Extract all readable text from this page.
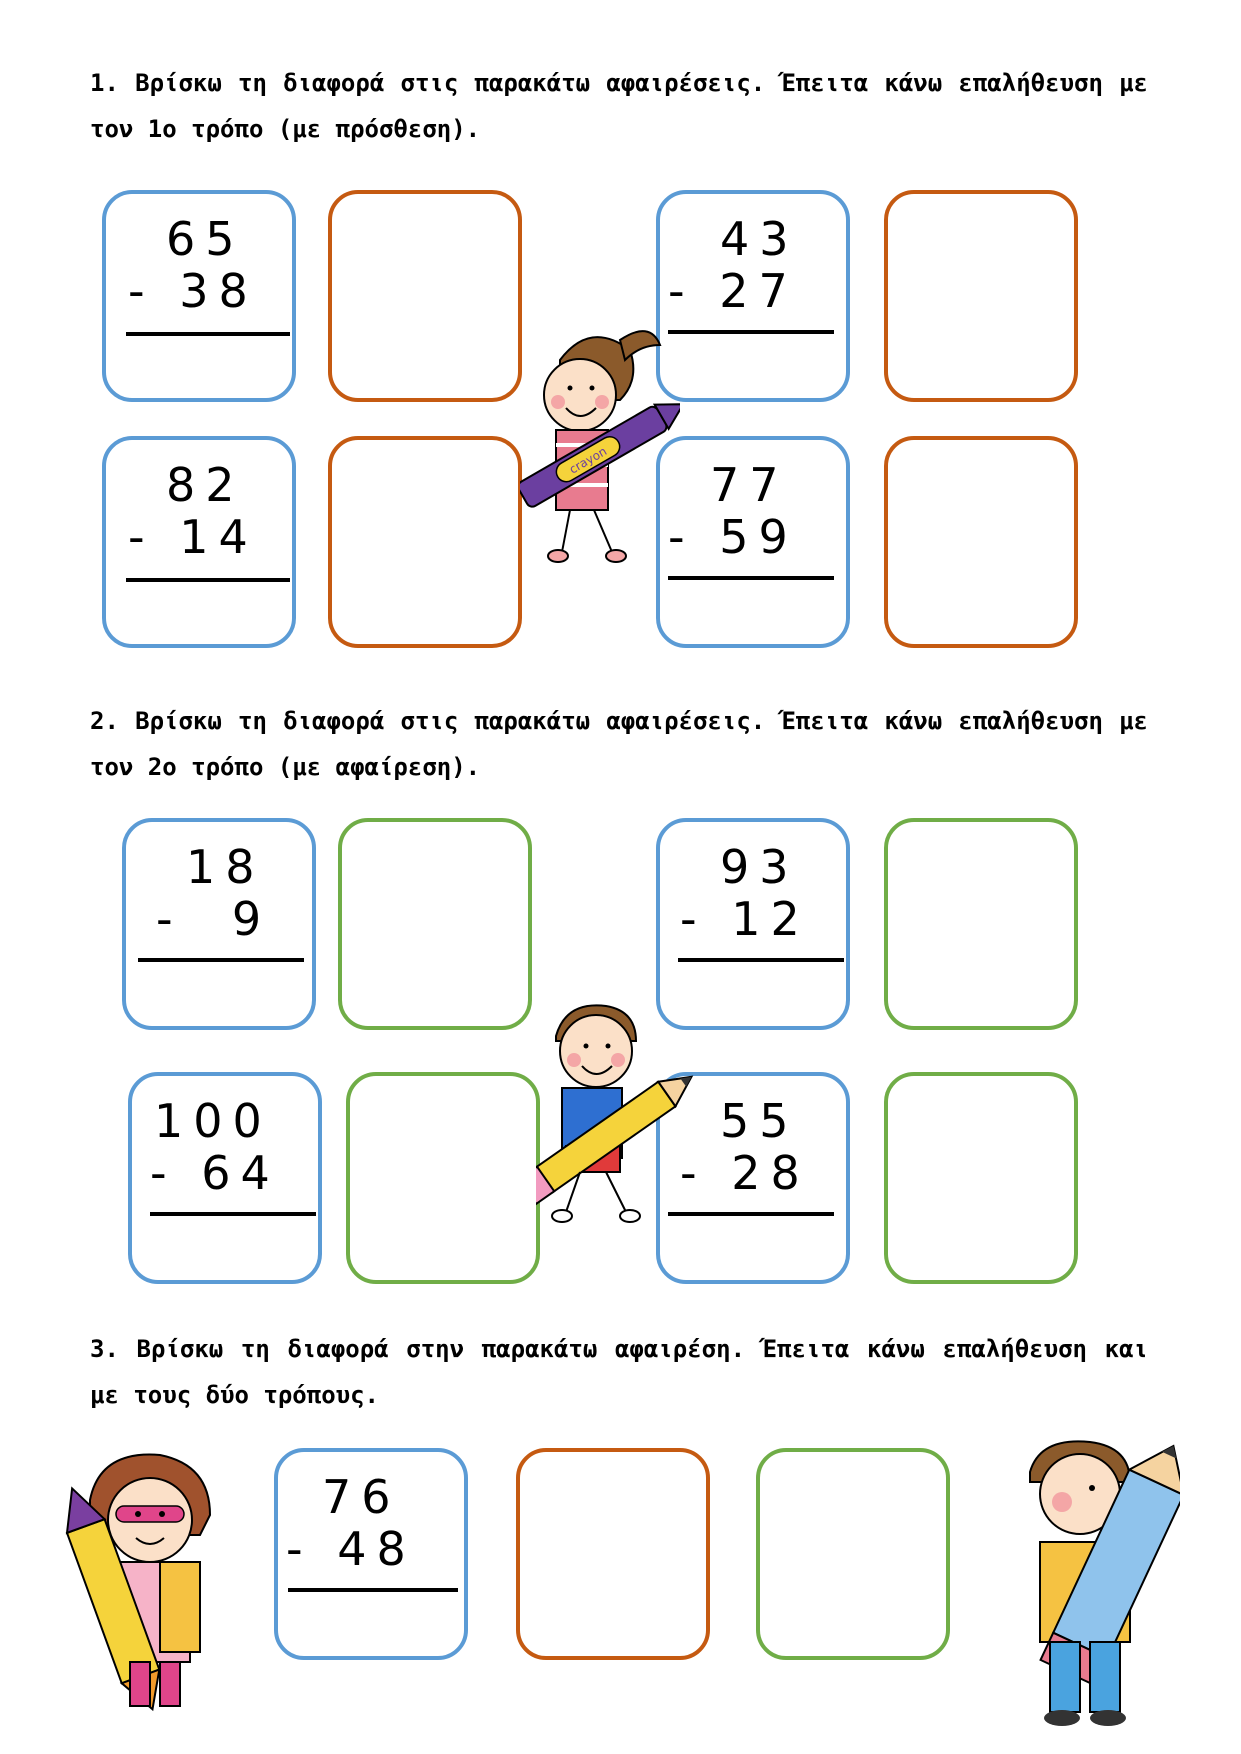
1. Βρίσκω τη διαφορά στις παρακάτω αφαιρέσεις. Έπειτα κάνω επαλήθευση με τον 1ο τρόπο (με πρόσθεση).
65
- 38
43
- 27
82
- 14
77
- 59
crayon
2. Βρίσκω τη διαφορά στις παρακάτω αφαιρέσεις. Έπειτα κάνω επαλήθευση με τον 2ο τρόπο (με αφαίρεση).
18
-  9
93
- 12
100
- 64
55
- 28
3. Βρίσκω τη διαφορά στην παρακάτω αφαιρέση. Έπειτα κάνω επαλήθευση και με τους δύο τρόπους.
76
- 48
